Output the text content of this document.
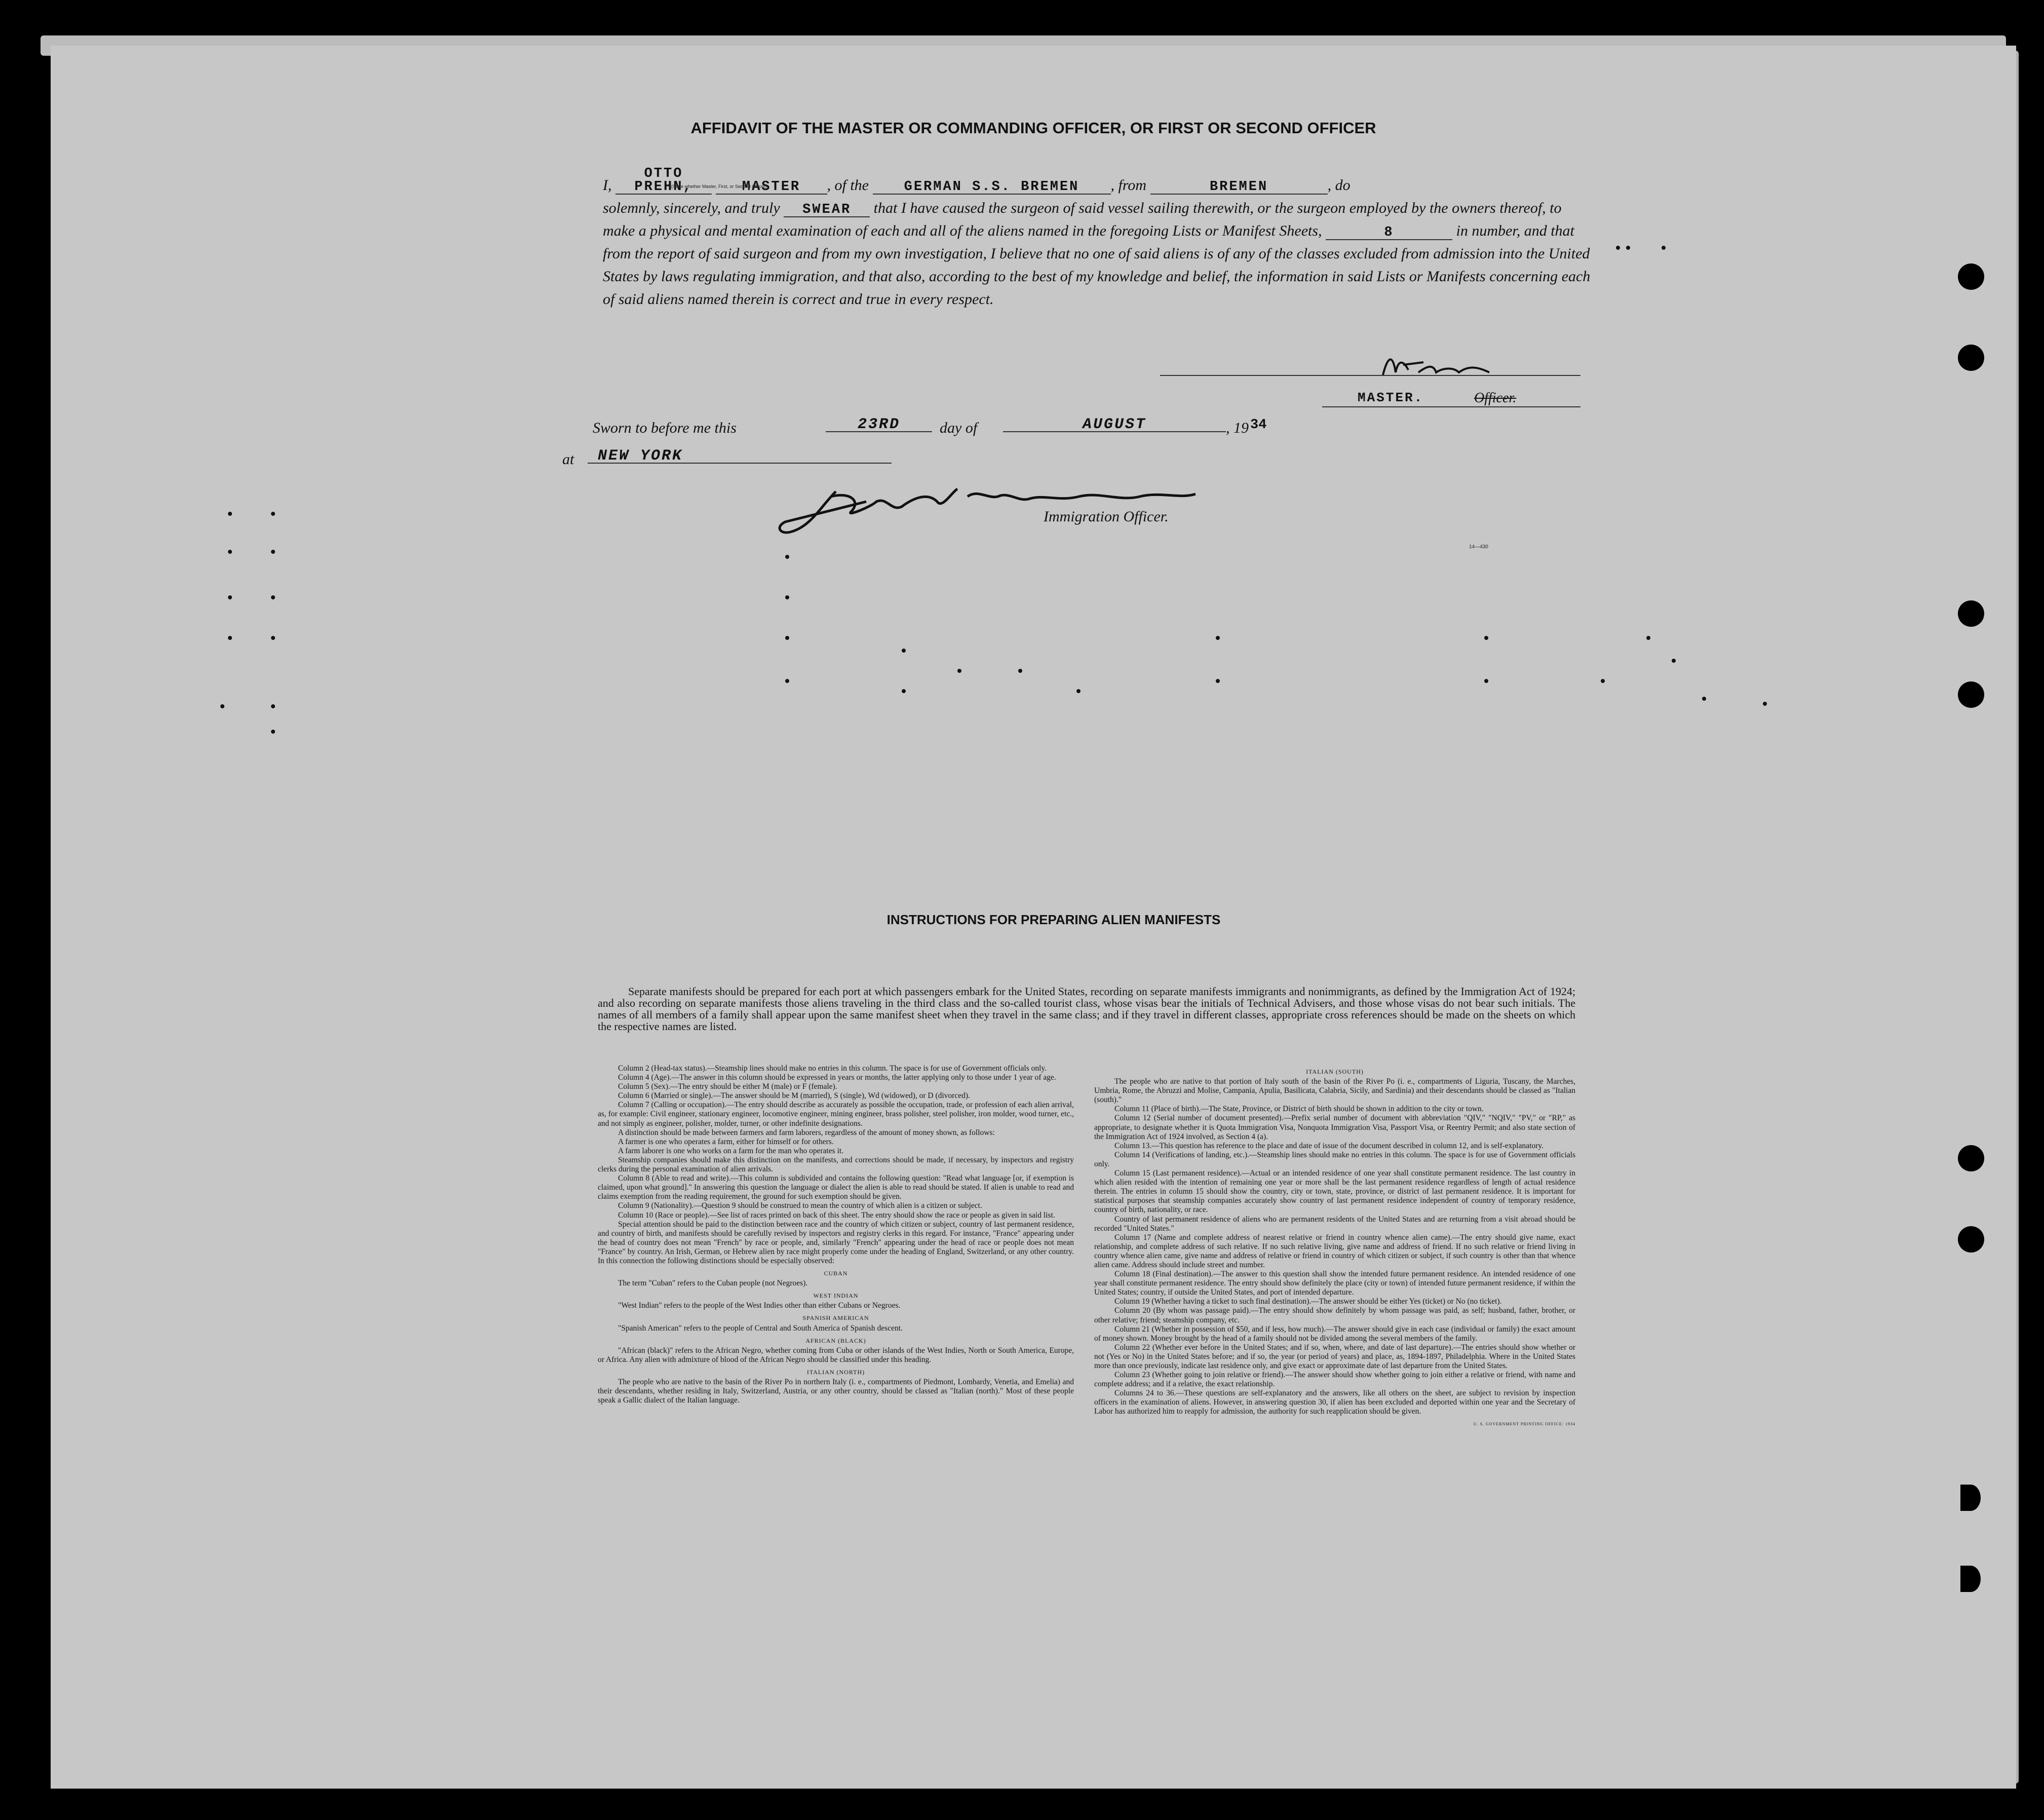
AFFIDAVIT OF THE MASTER OR COMMANDING OFFICER, OR FIRST OR SECOND OFFICER

I, OTTO PREHN,	MASTER , of the	GERMAN S.S. BREMEN , from	BREMEN	, do

solemnly, sincerely, and truly SWEAR that I have caused the surgeon of said vessel sailing therewith, or the surgeon employed by the owners thereof, to make a physical and mental examination of each and all of the aliens named in the foregoing Lists or Manifest Sheets,	8	in number, and that from the report of said surgeon and from my own investigation, I believe that no one of said aliens is of any of the classes excluded from admission into the United States by laws regulating immigration, and that also, according to the best of my knowledge and belief, the information in said Lists or Manifests concerning each of said aliens named therein is correct and true in every respect.

(State whether Master, First, or Second Officer)
MASTER.	Officer.
Sworn to before me this	23RD	day of	AUGUST	, 19 34
at	NEW YORK
Immigration Officer.
14—430
INSTRUCTIONS FOR PREPARING ALIEN MANIFESTS
Separate manifests should be prepared for each port at which passengers embark for the United States, recording on separate manifests immigrants and nonimmigrants, as defined by the Immigration Act of 1924; and also recording on separate manifests those aliens traveling in the third class and the so-called tourist class, whose visas bear the initials of Technical Advisers, and those whose visas do not bear such initials. The names of all members of a family shall appear upon the same manifest sheet when they travel in the same class; and if they travel in different classes, appropriate cross references should be made on the sheets on which the respective names are listed.

Column 2 (Head-tax status).—Steamship lines should make no entries in this column. The space is for use of Government officials only.

Column 4 (Age).—The answer in this column should be expressed in years or months, the latter applying only to those under 1 year of age.

Column 5 (Sex).—The entry should be either M (male) or F (female).

Column 6 (Married or single).—The answer should be M (married), S (single), Wd (widowed), or D (divorced).

Column 7 (Calling or occupation).—The entry should describe as accurately as possible the occupation, trade, or profession of each alien arrival, as, for example: Civil engineer, stationary engineer, locomotive engineer, mining engineer, brass polisher, steel polisher, iron molder, wood turner, etc., and not simply as engineer, polisher, molder, turner, or other indefinite designations.

A distinction should be made between farmers and farm laborers, regardless of the amount of money shown, as follows:

A farmer is one who operates a farm, either for himself or for others.

A farm laborer is one who works on a farm for the man who operates it.

Steamship companies should make this distinction on the manifests, and corrections should be made, if necessary, by inspectors and registry clerks during the personal examination of alien arrivals.

Column 8 (Able to read and write).—This column is subdivided and contains the following question: "Read what language [or, if exemption is claimed, upon what ground]." In answering this question the language or dialect the alien is able to read should be stated. If alien is unable to read and claims exemption from the reading requirement, the ground for such exemption should be given.

Column 9 (Nationality).—Question 9 should be construed to mean the country of which alien is a citizen or subject.

Column 10 (Race or people).—See list of races printed on back of this sheet. The entry should show the race or people as given in said list.

Special attention should be paid to the distinction between race and the country of which citizen or subject, country of last permanent residence, and country of birth, and manifests should be carefully revised by inspectors and registry clerks in this regard. For instance, "France" appearing under the head of country does not mean "French" by race or people, and, similarly "French" appearing under the head of race or people does not mean "France" by country. An Irish, German, or Hebrew alien by race might properly come under the heading of England, Switzerland, or any other country. In this connection the following distinctions should be especially observed:

CUBAN

The term "Cuban" refers to the Cuban people (not Negroes).

WEST INDIAN

"West Indian" refers to the people of the West Indies other than either Cubans or Negroes.

SPANISH AMERICAN

"Spanish American" refers to the people of Central and South America of Spanish descent.

AFRICAN (BLACK)

"African (black)" refers to the African Negro, whether coming from Cuba or other islands of the West Indies, North or South America, Europe, or Africa. Any alien with admixture of blood of the African Negro should be classified under this heading.

ITALIAN (NORTH)

The people who are native to the basin of the River Po in northern Italy (i. e., compartments of Piedmont, Lombardy, Venetia, and Emelia) and their descendants, whether residing in Italy, Switzerland, Austria, or any other country, should be classed as "Italian (north)." Most of these people speak a Gallic dialect of the Italian language.

ITALIAN (SOUTH)

The people who are native to that portion of Italy south of the basin of the River Po (i. e., compartments of Liguria, Tuscany, the Marches, Umbria, Rome, the Abruzzi and Molise, Campania, Apulia, Basilicata, Calabria, Sicily, and Sardinia) and their descendants should be classed as "Italian (south)."

Column 11 (Place of birth).—The State, Province, or District of birth should be shown in addition to the city or town.

Column 12 (Serial number of document presented).—Prefix serial number of document with abbreviation "QIV," "NQIV," "PV," or "RP," as appropriate, to designate whether it is Quota Immigration Visa, Nonquota Immigration Visa, Passport Visa, or Reentry Permit; and also state section of the Immigration Act of 1924 involved, as Section 4 (a).

Column 13.—This question has reference to the place and date of issue of the document described in column 12, and is self-explanatory.

Column 14 (Verifications of landing, etc.).—Steamship lines should make no entries in this column. The space is for use of Government officials only.

Column 15 (Last permanent residence).—Actual or an intended residence of one year shall constitute permanent residence. The last country in which alien resided with the intention of remaining one year or more shall be the last permanent residence regardless of length of actual residence therein. The entries in column 15 should show the country, city or town, state, province, or district of last permanent residence. It is important for statistical purposes that steamship companies accurately show country of last permanent residence independent of country of temporary residence, country of birth, nationality, or race.

Country of last permanent residence of aliens who are permanent residents of the United States and are returning from a visit abroad should be recorded "United States."

Column 17 (Name and complete address of nearest relative or friend in country whence alien came).—The entry should give name, exact relationship, and complete address of such relative. If no such relative living, give name and address of friend. If no such relative or friend living in country whence alien came, give name and address of relative or friend in country of which citizen or subject, if such country is other than that whence alien came. Address should include street and number.

Column 18 (Final destination).—The answer to this question shall show the intended future permanent residence. An intended residence of one year shall constitute permanent residence. The entry should show definitely the place (city or town) of intended future permanent residence, if within the United States; country, if outside the United States, and port of intended departure.

Column 19 (Whether having a ticket to such final destination).—The answer should be either Yes (ticket) or No (no ticket).

Column 20 (By whom was passage paid).—The entry should show definitely by whom passage was paid, as self; husband, father, brother, or other relative; friend; steamship company, etc.

Column 21 (Whether in possession of $50, and if less, how much).—The answer should give in each case (individual or family) the exact amount of money shown. Money brought by the head of a family should not be divided among the several members of the family.

Column 22 (Whether ever before in the United States; and if so, when, where, and date of last departure).—The entries should show whether or not (Yes or No) in the United States before; and if so, the year (or period of years) and place, as, 1894-1897, Philadelphia. Where in the United States more than once previously, indicate last residence only, and give exact or approximate date of last departure from the United States.

Column 23 (Whether going to join relative or friend).—The answer should show whether going to join either a relative or friend, with name and complete address; and if a relative, the exact relationship.

Columns 24 to 36.—These questions are self-explanatory and the answers, like all others on the sheet, are subject to revision by inspection officers in the examination of aliens. However, in answering question 30, if alien has been excluded and deported within one year and the Secretary of Labor has authorized him to reapply for admission, the authority for such reapplication should be given.

U. S. GOVERNMENT PRINTING OFFICE: 1934
